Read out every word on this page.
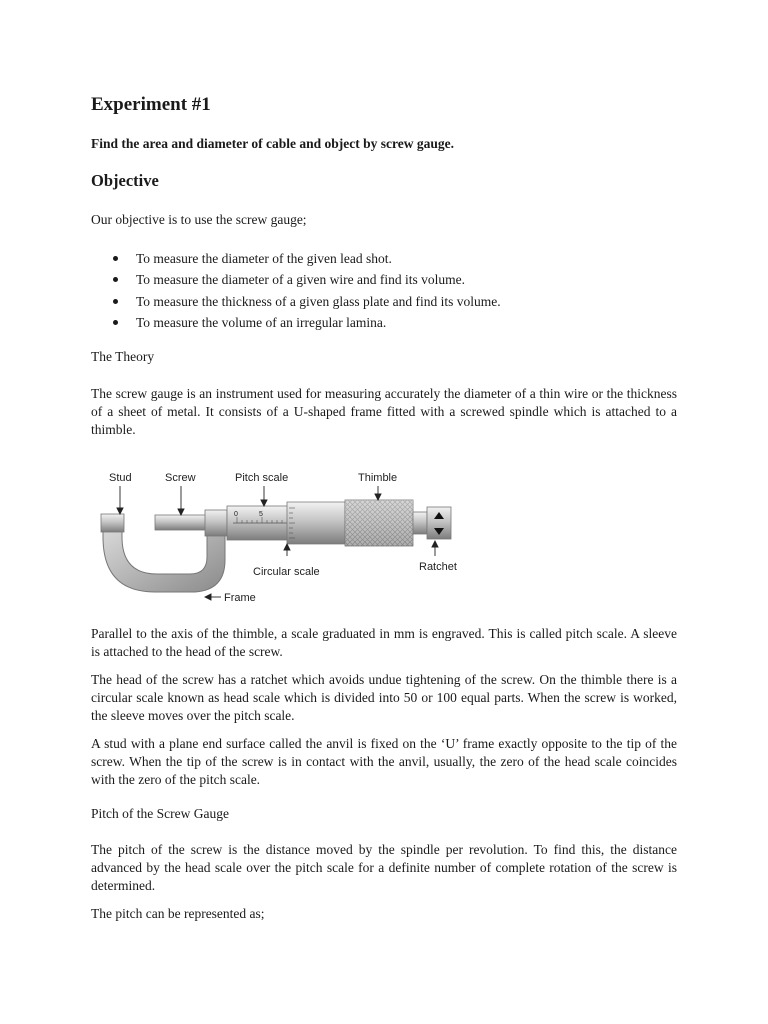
Experiment #1
Find the area and diameter of cable and object by screw gauge.
Objective
Our objective is to use the screw gauge;
To measure the diameter of the given lead shot.
To measure the diameter of a given wire and find its volume.
To measure the thickness of a given glass plate and find its volume.
To measure the volume of an irregular lamina.
The Theory
The screw gauge is an instrument used for measuring accurately the diameter of a thin wire or the thickness of a sheet of metal. It consists of a U-shaped frame fitted with a screwed spindle which is attached to a thimble.
0	5
Stud	Screw	Pitch scale	Thimble
Circular scale	Ratchet
Frame
Parallel to the axis of the thimble, a scale graduated in mm is engraved. This is called pitch scale. A sleeve is attached to the head of the screw.
The head of the screw has a ratchet which avoids undue tightening of the screw. On the thimble there is a circular scale known as head scale which is divided into 50 or 100 equal parts. When the screw is worked, the sleeve moves over the pitch scale.
A stud with a plane end surface called the anvil is fixed on the ‘U’ frame exactly opposite to the tip of the screw. When the tip of the screw is in contact with the anvil, usually, the zero of the head scale coincides with the zero of the pitch scale.
Pitch of the Screw Gauge
The pitch of the screw is the distance moved by the spindle per revolution. To find this, the distance advanced by the head scale over the pitch scale for a definite number of complete rotation of the screw is determined.
The pitch can be represented as;
